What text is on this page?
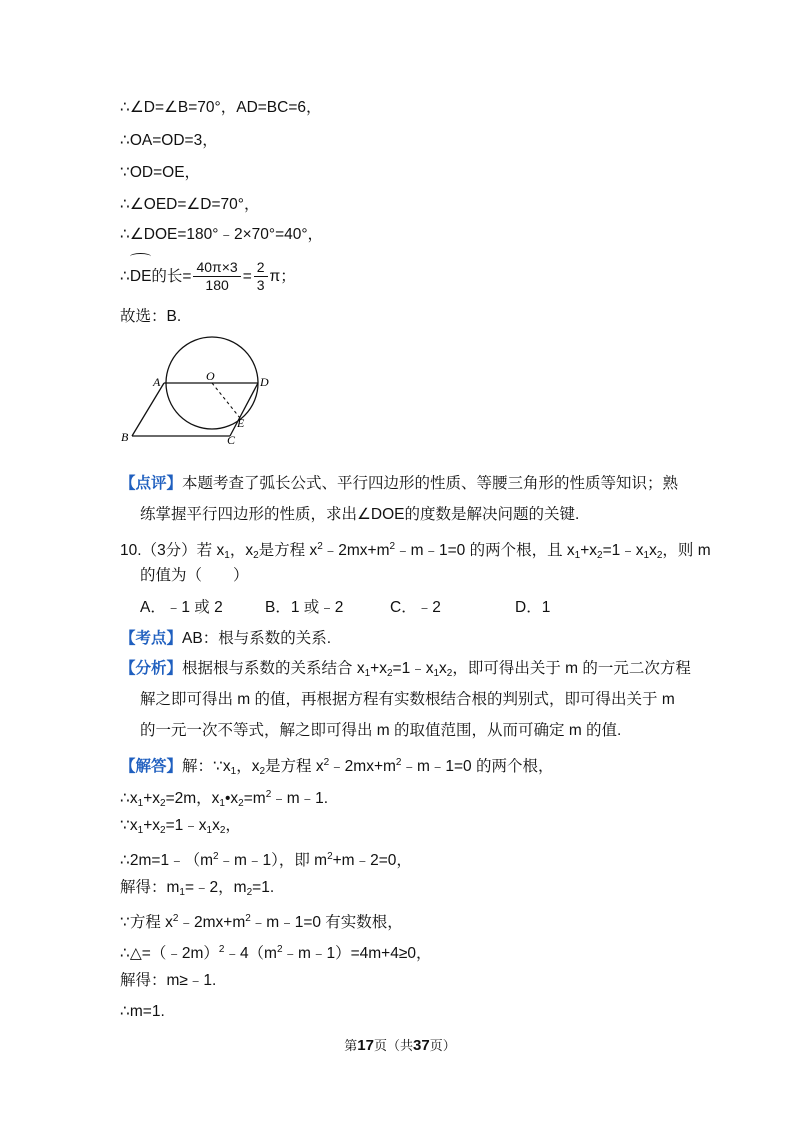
∴∠D=∠B=70°，AD=BC=6，
∴OA=OD=3，
∵OD=OE，
∴∠OED=∠D=70°，
∴∠DOE=180°﹣2×70°=40°，
∴DE的长= $\frac{40\pi\times 3}{180} = \frac{2}{3}$ π；
故选：B.
A	O	D
B	C
E
【点评】本题考查了弧长公式、平行四边形的性质、等腰三角形的性质等知识；熟
练掌握平行四边形的性质，求出∠DOE的度数是解决问题的关键.
10.（3分）若 $x_1$，$x_2$是方程 $x^2﹣2mx+m^2﹣m﹣1=0$ 的两个根，且 $x_1+x_2=1﹣x_1x_2$，则 m
的值为（　　）
A．﹣1 或 2	B．1 或﹣2	C．﹣2	D．1
【考点】AB：根与系数的关系.
【分析】根据根与系数的关系结合 $x_1+x_2=1﹣x_1x_2$，即可得出关于 m 的一元二次方程
解之即可得出 m 的值，再根据方程有实数根结合根的判别式，即可得出关于 m
的一元一次不等式，解之即可得出 m 的取值范围，从而可确定 m 的值.
【解答】解：$\because x_1$，$x_2$是方程 $x^2﹣2mx+m^2﹣m﹣1=0$ 的两个根，
$\therefore x_1+x_2=2m$，$x_1•x_2=m^2﹣m﹣1$.
$\because x_1+x_2=1﹣x_1x_2$，
$\therefore 2m=1﹣(m^2﹣m﹣1)$，即 $m^2+m﹣2=0$，
解得：$m_1=﹣2$，$m_2=1$.
∵方程 $x^2﹣2mx+m^2﹣m﹣1=0$ 有实数根，
$\therefore\triangle=(﹣2m)^2﹣4(m^2﹣m﹣1)=4m+4\ge 0$，
解得：m≥﹣1.
∴m=1.
第17页（共37页）
